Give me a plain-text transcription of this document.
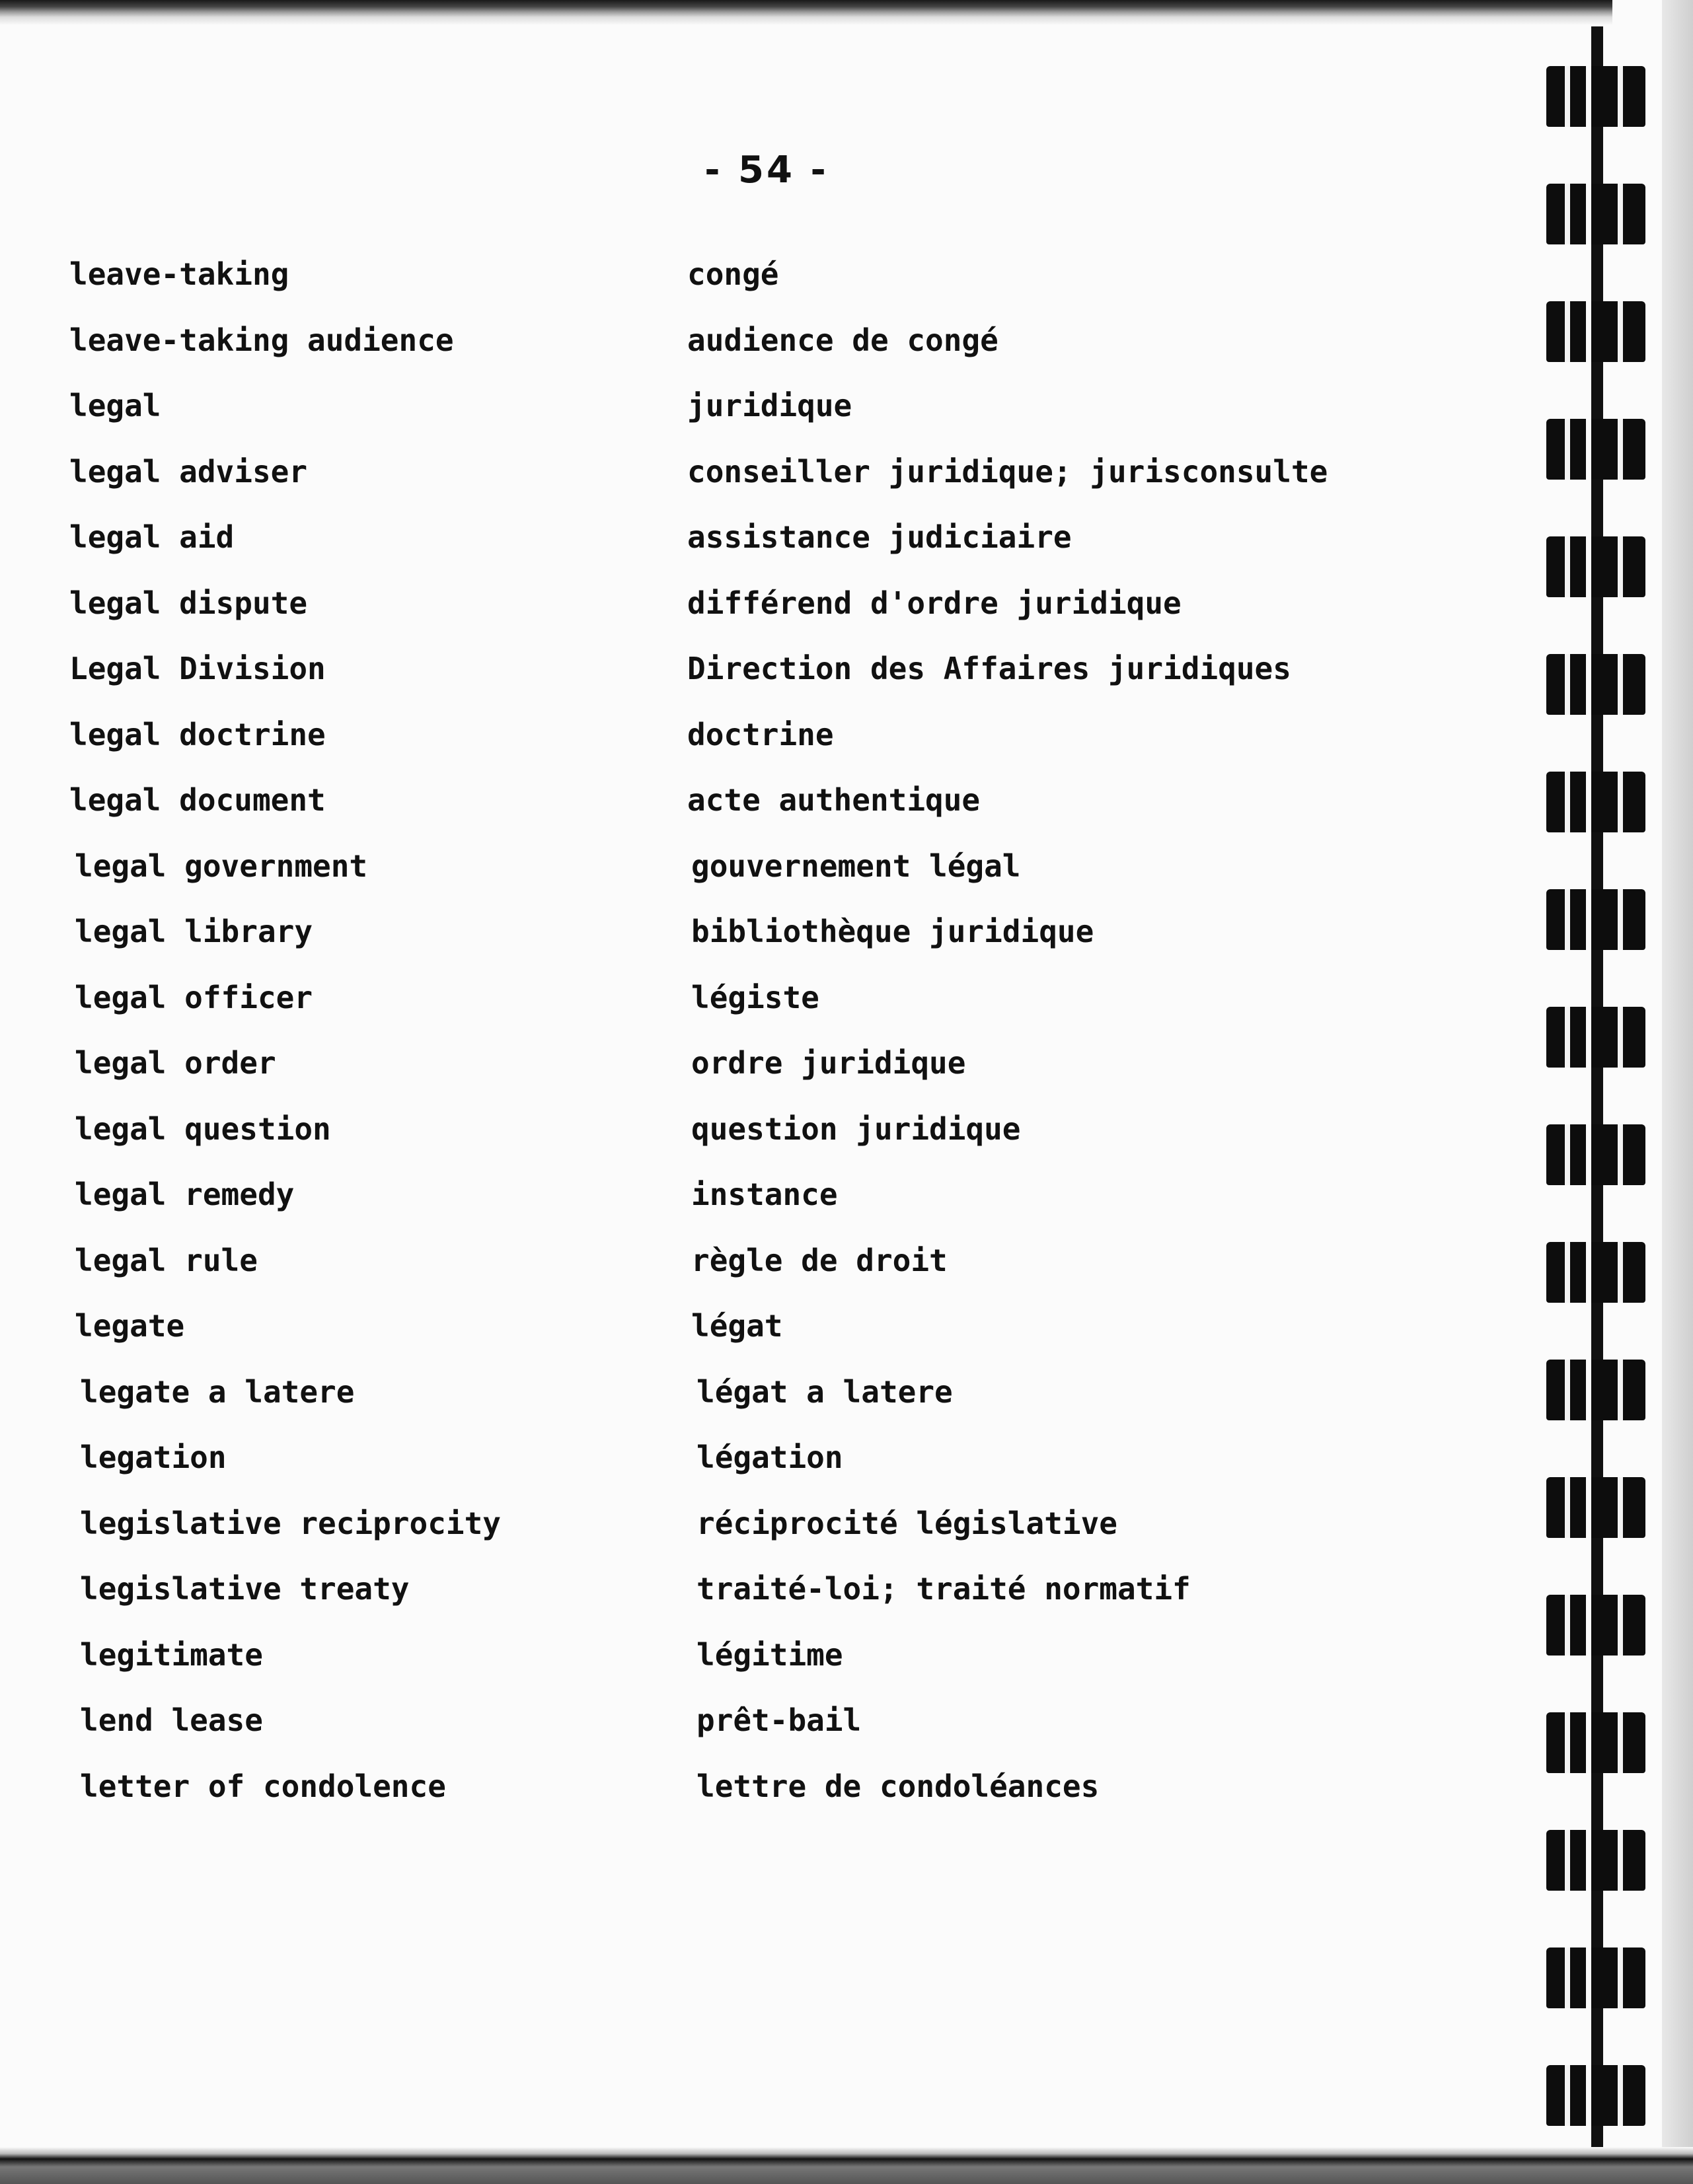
- 54 -
leave-taking
leave-taking audience
legal
legal adviser
legal aid
legal dispute
Legal Division
legal doctrine
legal document
legal government
legal library
legal officer
legal order
legal question
legal remedy
legal rule
legate
legate a latere
legation
legislative reciprocity
legislative treaty
legitimate
lend lease
letter of condolence
congé
audience de congé
juridique
conseiller juridique; jurisconsulte
assistance judiciaire
différend d'ordre juridique
Direction des Affaires juridiques
doctrine
acte authentique
gouvernement légal
bibliothèque juridique
légiste
ordre juridique
question juridique
instance
règle de droit
légat
légat a latere
légation
réciprocité législative
traité-loi; traité normatif
légitime
prêt-bail
lettre de condoléances
